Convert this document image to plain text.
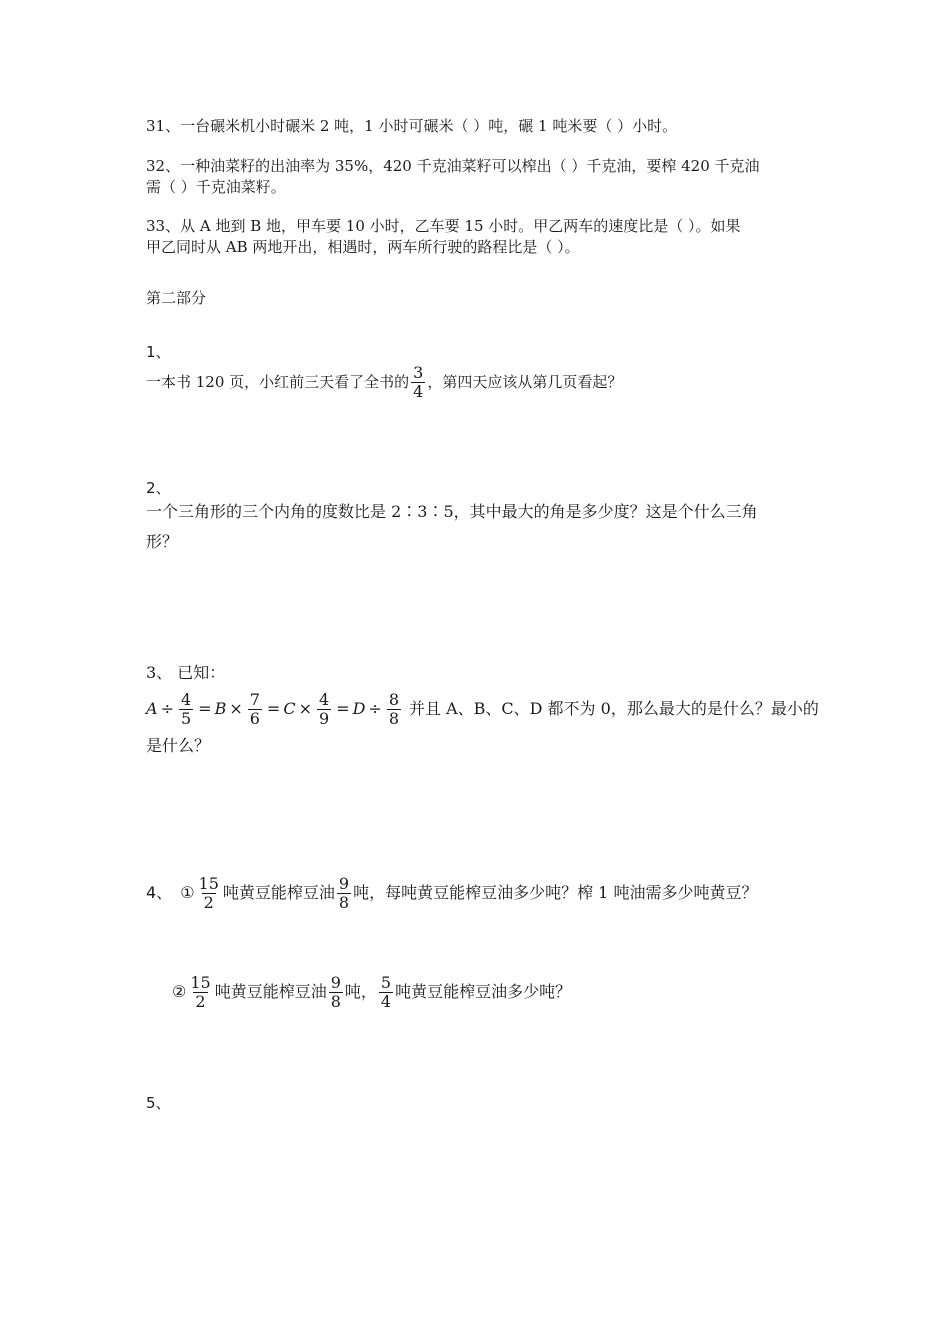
31、一台碾米机小时碾米 2 吨，1 小时可碾米（ ）吨，碾 1 吨米要（ ）小时。
32、一种油菜籽的出油率为 35%，420 千克油菜籽可以榨出（ ）千克油，要榨 420 千克油
需（ ）千克油菜籽。
33、从 A 地到 B 地，甲车要 10 小时，乙车要 15 小时。甲乙两车的速度比是（ ）。如果
甲乙同时从 AB 两地开出，相遇时，两车所行驶的路程比是（ ）。
第二部分
1、
一本书 120 页，小红前三天看了全书的 $\frac{3}{4}$ ，第四天应该从第几页看起？
2、
一个三角形的三个内角的度数比是 2∶3∶5，其中最大的角是多少度？这是个什么三角
形？
3、 已知：
$A \div \frac{4}{5} = B \times \frac{7}{6} = C \times \frac{4}{9} = D \div \frac{8}{8}$ 并且 A、B、C、D 都不为 0，那么最大的是什么？最小的
是什么？
4、 ① $\frac{15}{2}$ 吨黄豆能榨豆油 $\frac{9}{8}$ 吨，每吨黄豆能榨豆油多少吨？榨 1 吨油需多少吨黄豆？
② $\frac{15}{2}$ 吨黄豆能榨豆油 $\frac{9}{8}$ 吨， $\frac{5}{4}$ 吨黄豆能榨豆油多少吨？
5、
